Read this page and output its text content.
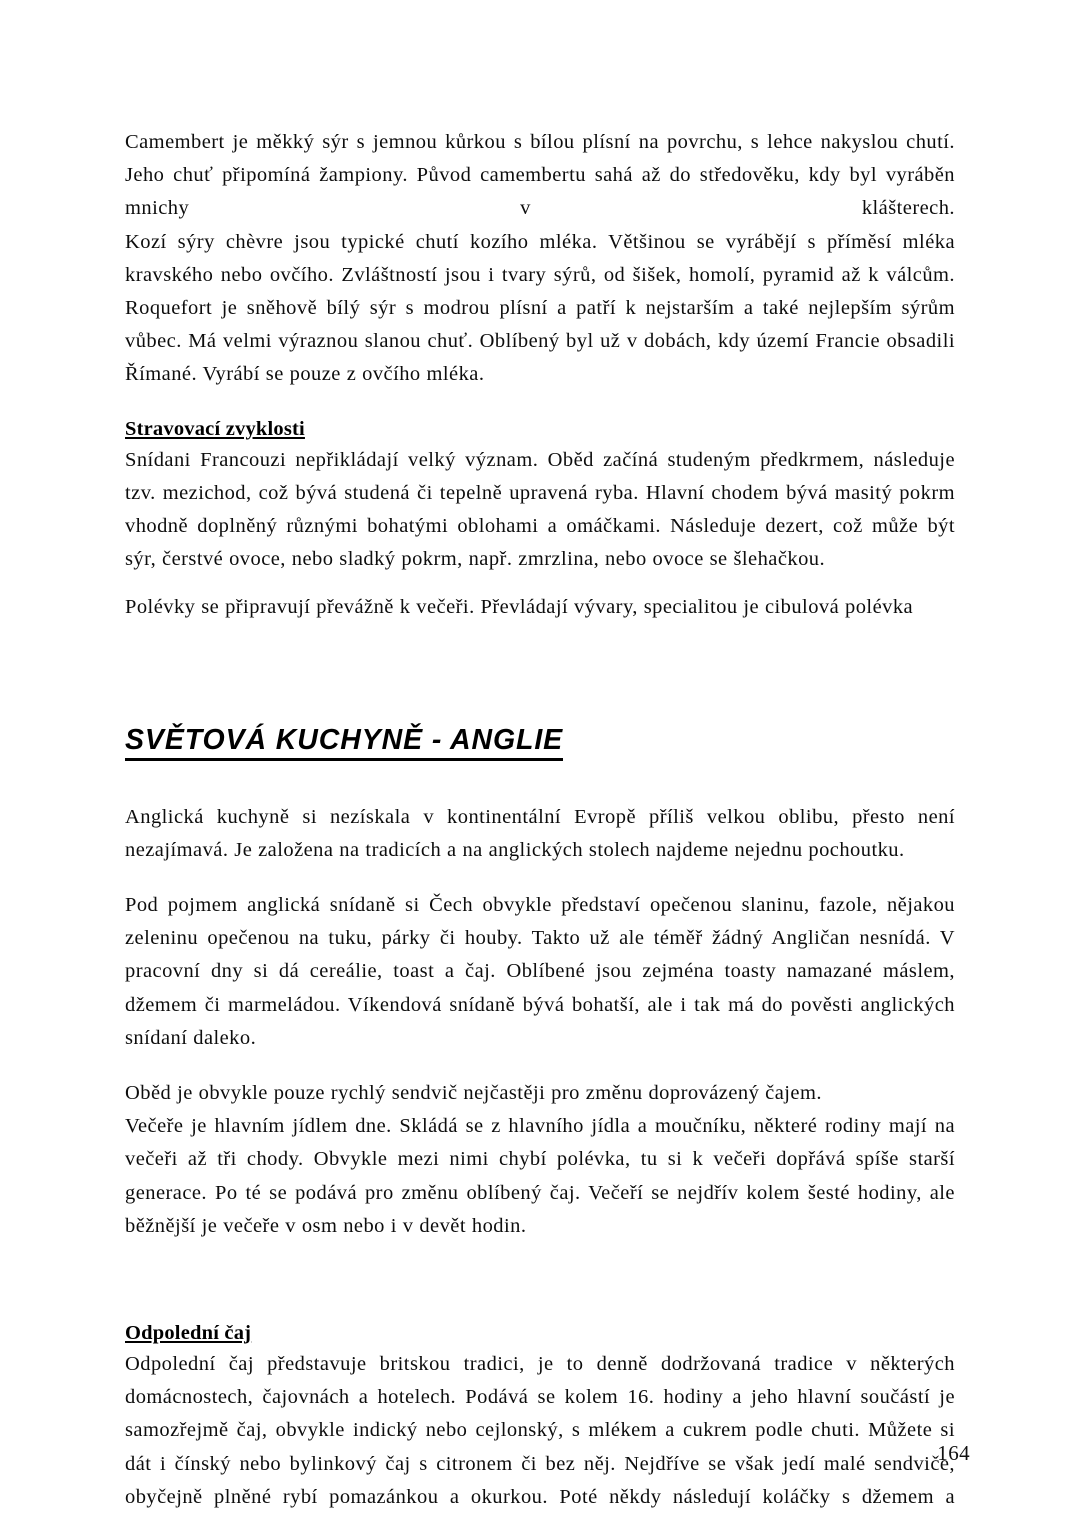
Camembert je měkký sýr s jemnou kůrkou s bílou plísní na povrchu, s lehce nakyslou chutí. Jeho chuť připomíná žampiony. Původ camembertu sahá až do středověku, kdy byl vyráběn mnichy v klášterech.

Kozí sýry chèvre jsou typické chutí kozího mléka. Většinou se vyrábějí s příměsí mléka kravského nebo ovčího. Zvláštností jsou i tvary sýrů, od šišek, homolí, pyramid až k válcům.

Roquefort je sněhově bílý sýr s modrou plísní a patří k nejstarším a také nejlepším sýrům vůbec. Má velmi výraznou slanou chuť. Oblíbený byl už v dobách, kdy území Francie obsadili Římané. Vyrábí se pouze z ovčího mléka.

Stravovací zvyklosti

Snídani Francouzi nepřikládají velký význam. Oběd začíná studeným předkrmem, následuje tzv. mezichod, což bývá studená či tepelně upravená ryba. Hlavní chodem bývá masitý pokrm vhodně doplněný různými bohatými oblohami a omáčkami. Následuje dezert, což může být sýr, čerstvé ovoce, nebo sladký pokrm, např. zmrzlina, nebo ovoce se šlehačkou.

Polévky se připravují převážně k večeři. Převládají vývary, specialitou je cibulová polévka

SVĚTOVÁ KUCHYNĚ - ANGLIE

Anglická kuchyně si nezískala v kontinentální Evropě příliš velkou oblibu, přesto není nezajímavá. Je založena na tradicích a na anglických stolech najdeme nejednu pochoutku.

Pod pojmem anglická snídaně si Čech obvykle představí opečenou slaninu, fazole, nějakou zeleninu opečenou na tuku, párky či houby. Takto už ale téměř žádný Angličan nesnídá. V pracovní dny si dá cereálie, toast a čaj. Oblíbené jsou zejména toasty namazané máslem, džemem či marmeládou. Víkendová snídaně bývá bohatší, ale i tak má do pověsti anglických snídaní daleko.

Oběd je obvykle pouze rychlý sendvič nejčastěji pro změnu doprovázený čajem.

Večeře je hlavním jídlem dne. Skládá se z hlavního jídla a moučníku, některé rodiny mají na večeři až tři chody. Obvykle mezi nimi chybí polévka, tu si k večeři dopřává spíše starší generace. Po té se podává pro změnu oblíbený čaj. Večeří se nejdřív kolem šesté hodiny, ale běžnější je večeře v osm nebo i v devět hodin.

Odpolední čaj

Odpolední čaj představuje britskou tradici, je to denně dodržovaná tradice v některých domácnostech, čajovnách a hotelech. Podává se kolem 16. hodiny a jeho hlavní součástí je samozřejmě čaj, obvykle indický nebo cejlonský, s mlékem a cukrem podle chuti. Můžete si dát i čínský nebo bylinkový čaj s citronem či bez něj. Nejdříve se však jedí malé sendviče, obyčejně plněné rybí pomazánkou a okurkou. Poté někdy následují koláčky s džemem a

164
